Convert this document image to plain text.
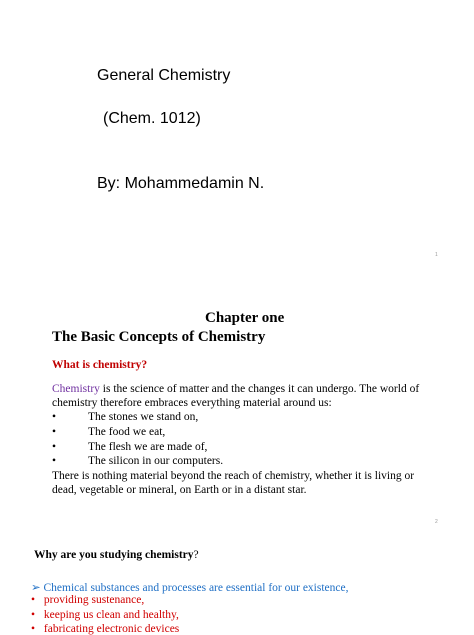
General Chemistry
(Chem. 1012)
By: Mohammedamin N.
1
Chapter one
The Basic Concepts of Chemistry
What is chemistry?
Chemistry is the science of matter and the changes it can undergo. The world of
chemistry therefore embraces everything material around us:
•	The stones we stand on,
•	The food we eat,
•	The flesh we are made of,
•	The silicon in our computers.
There is nothing material beyond the reach of chemistry, whether it is living or
dead, vegetable or mineral, on Earth or in a distant star.
2
Why are you studying chemistry?
➢ Chemical substances and processes are essential for our existence,
• providing sustenance,
• keeping us clean and healthy,
• fabricating electronic devices
